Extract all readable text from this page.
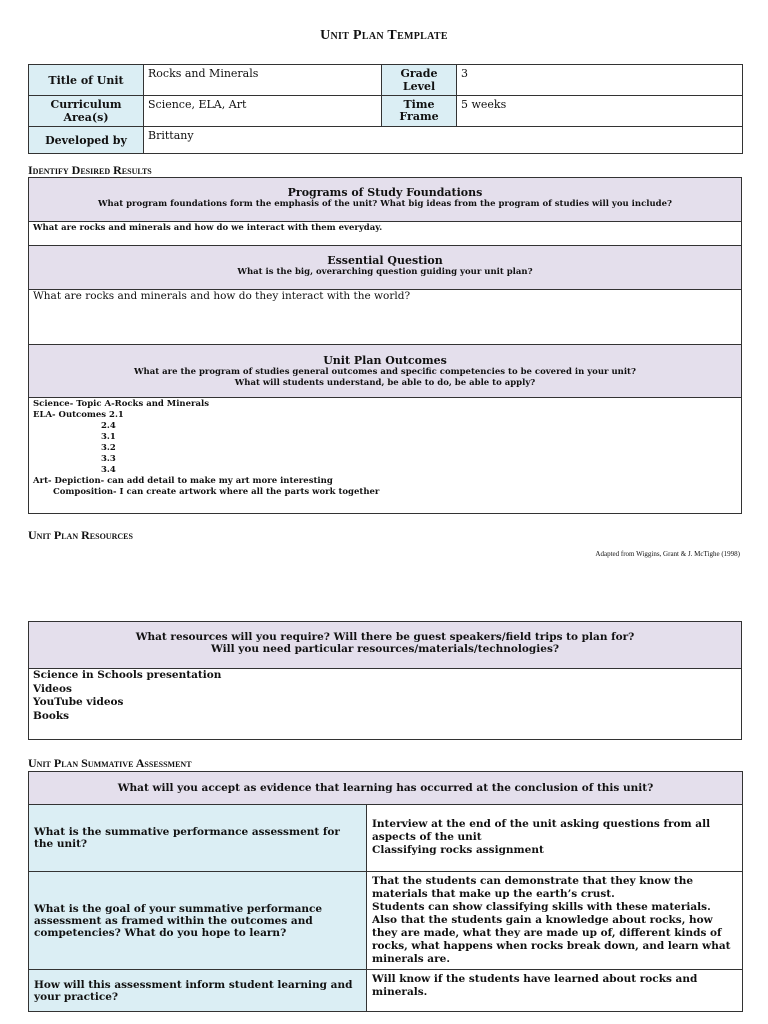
Unit Plan Template
Title of Unit	Rocks and Minerals	Grade Level	3
Curriculum Area(s)	Science, ELA, Art	Time Frame	5 weeks
Developed by	Brittany		
Identify Desired Results
Programs of Study Foundations
What program foundations form the emphasis of the unit? What big ideas from the program of studies will you include?
What are rocks and minerals and how do we interact with them everyday.
Essential Question
What is the big, overarching question guiding your unit plan?
What are rocks and minerals and how do they interact with the world?
Unit Plan Outcomes
What are the program of studies general outcomes and specific competencies to be covered in your unit?
What will students understand, be able to do, be able to apply?
Science- Topic A-Rocks and Minerals
ELA- Outcomes 2.1
2.4
3.1
3.2
3.3
3.4
Art- Depiction- can add detail to make my art more interesting
Composition- I can create artwork where all the parts work together
Unit Plan Resources
Adapted from Wiggins, Grant & J. McTighe (1998)
What resources will you require? Will there be guest speakers/field trips to plan for?
Will you need particular resources/materials/technologies?
Science in Schools presentation
Videos
YouTube videos
Books
Unit Plan Summative Assessment
What will you accept as evidence that learning has occurred at the conclusion of this unit?	
What is the summative performance assessment for the unit?	Interview at the end of the unit asking questions from all aspects of the unit
Classifying rocks assignment

What is the goal of your summative performance assessment as framed within the outcomes and competencies? What do you hope to learn?	That the students can demonstrate that they know the materials that make up the earth’s crust.
Students can show classifying skills with these materials. Also that the students gain a knowledge about rocks, how they are made, what they are made up of, different kinds of rocks, what happens when rocks break down, and learn what minerals are.

How will this assessment inform student learning and your practice?	Will know if the students have learned about rocks and minerals.
